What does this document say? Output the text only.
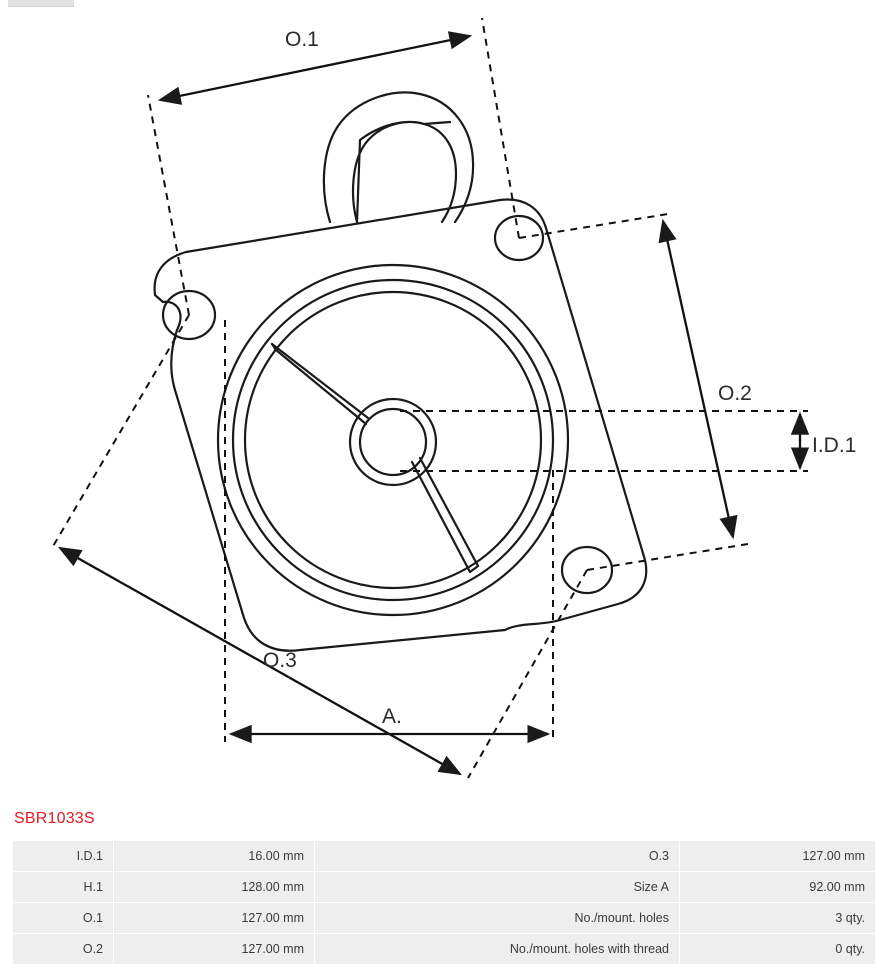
O.1
O.2
O.3
I.D.1
A.
SBR1033S
I.D.1	16.00 mm	O.3	127.00 mm
H.1	128.00 mm	Size A	92.00 mm
O.1	127.00 mm	No./mount. holes	3 qty.
O.2	127.00 mm	No./mount. holes with thread	0 qty.
